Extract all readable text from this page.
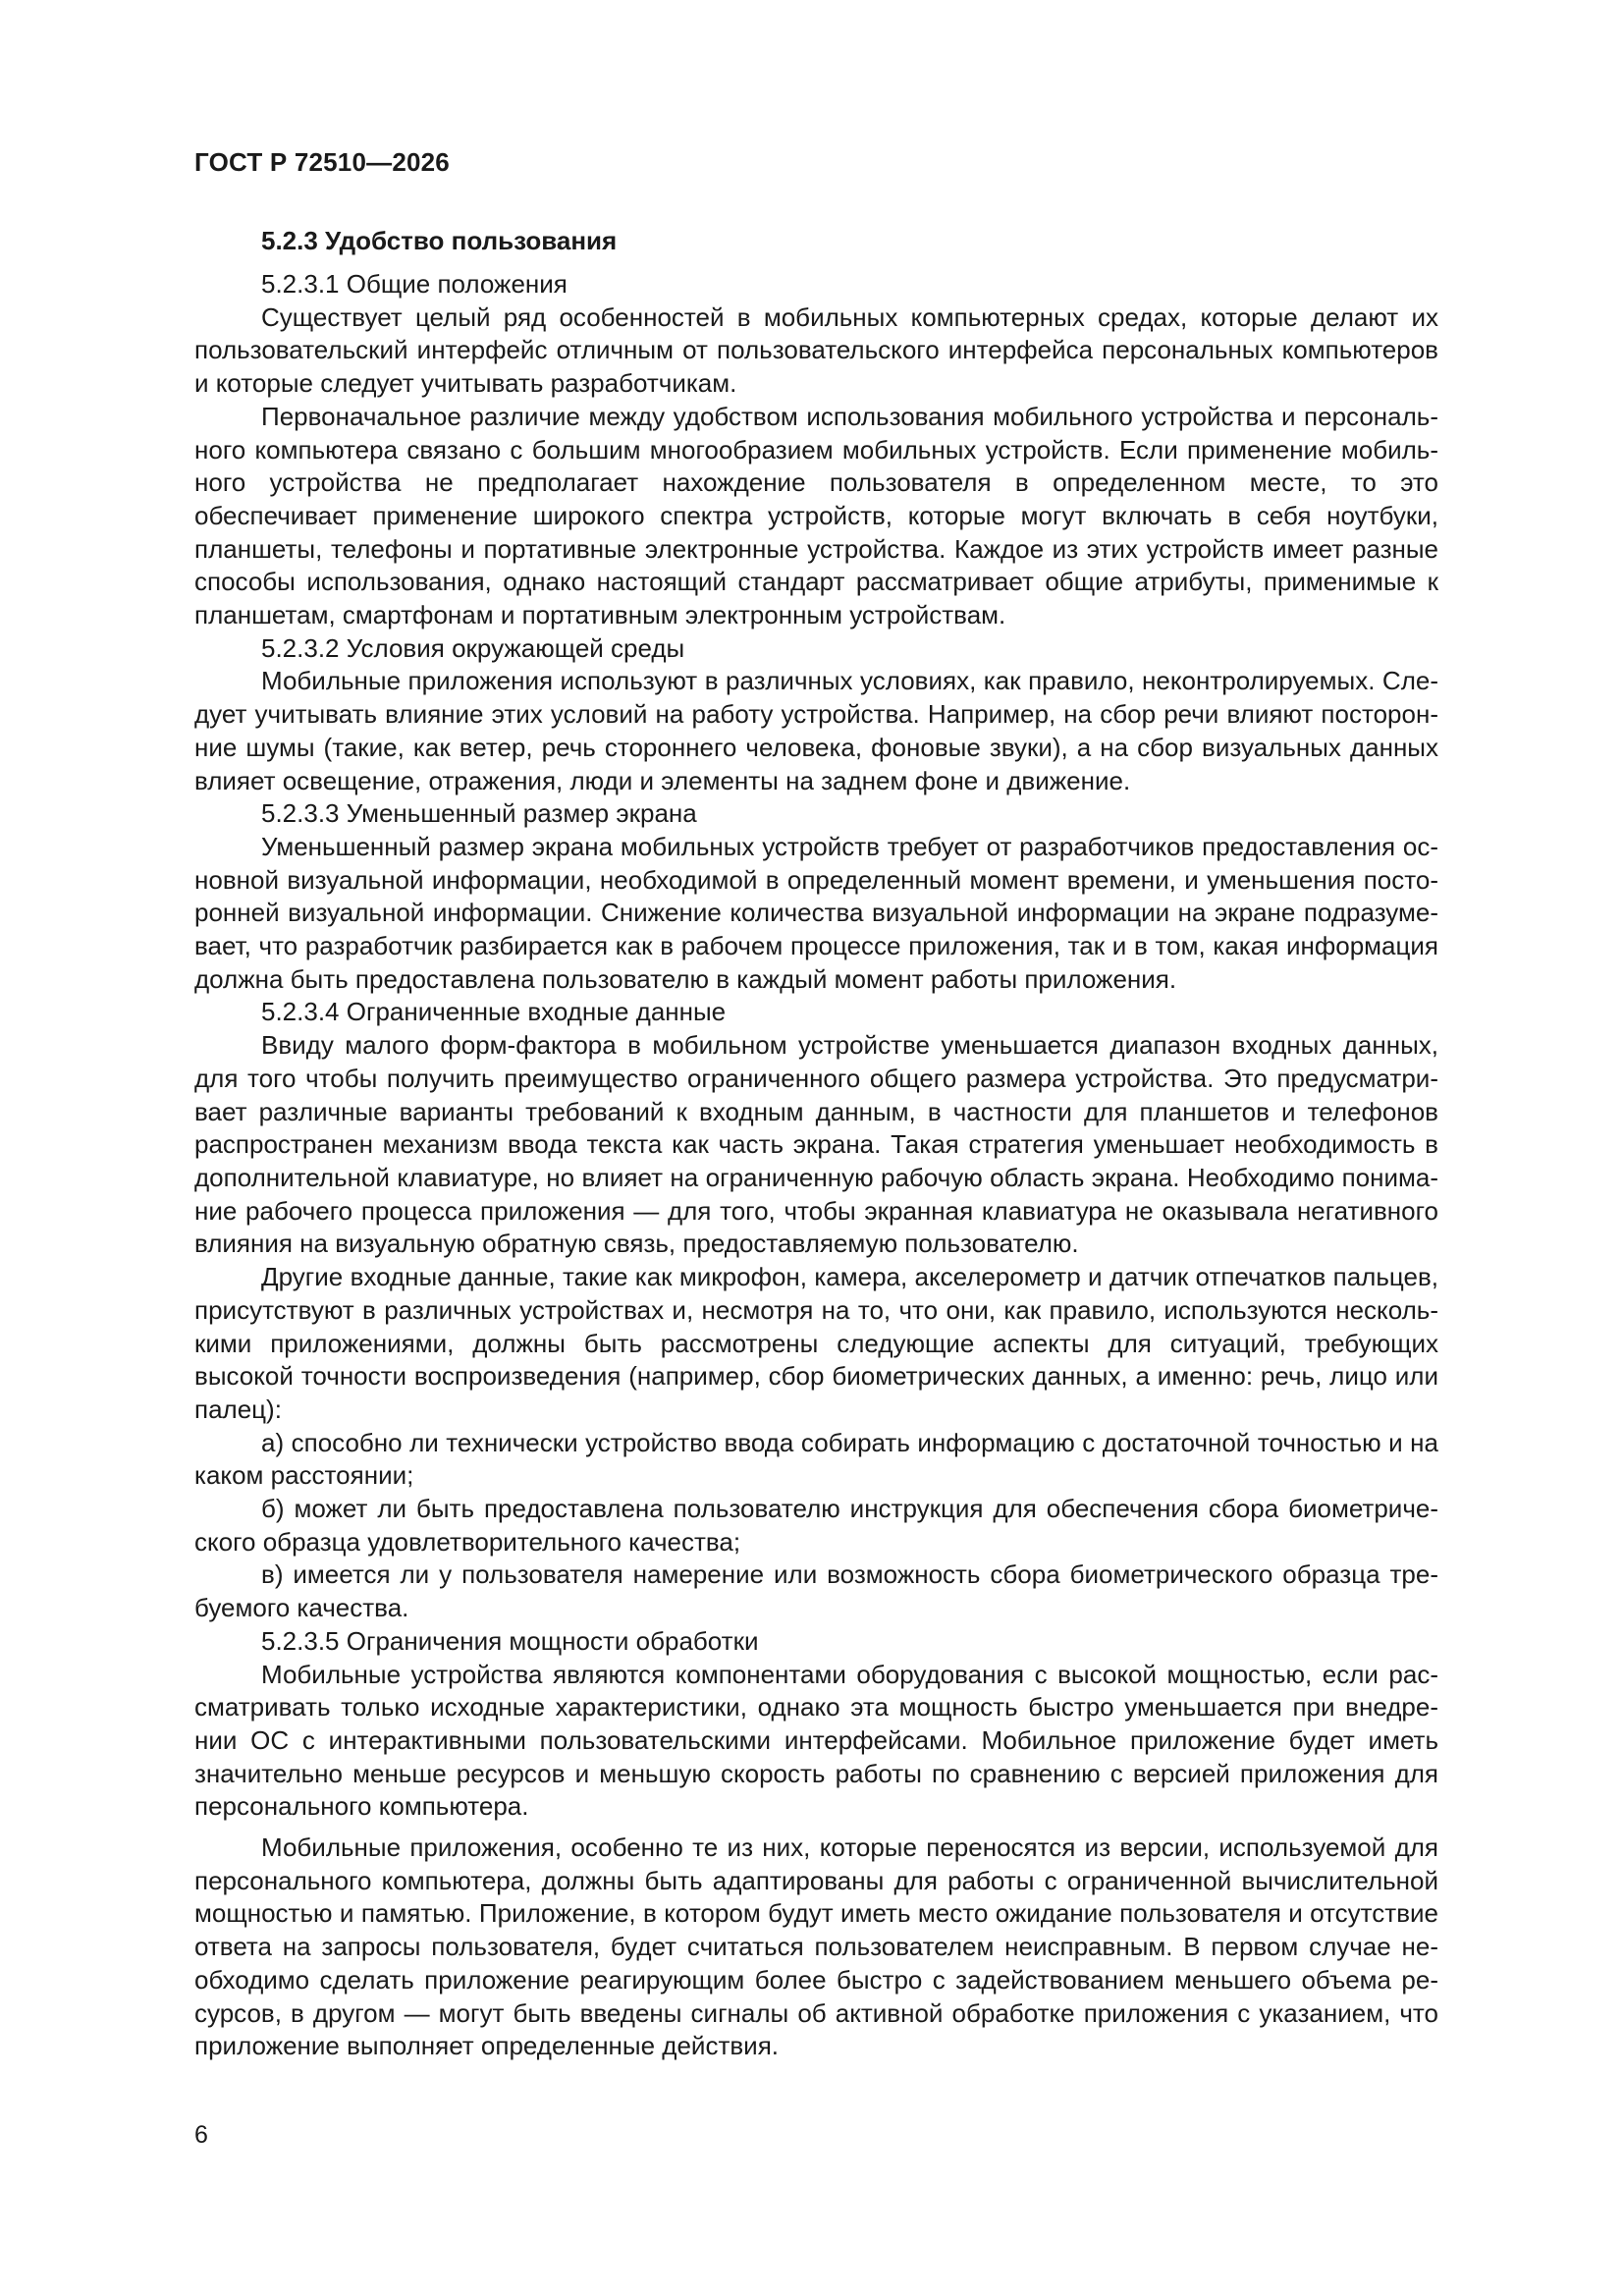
ГОСТ Р 72510—2026
5.2.3 Удобство пользования
5.2.3.1 Общие положения
Существует целый ряд особенностей в мобильных компьютерных средах, которые делают их пользовательский интерфейс отличным от пользовательского интерфейса персональных компьютеров и которые следует учитывать разработчикам.
Первоначальное различие между удобством использования мобильного устройства и персонального компьютера связано с большим многообразием мобильных устройств. Если применение мобильного устройства не предполагает нахождение пользователя в определенном месте, то это обеспечивает применение широкого спектра устройств, которые могут включать в себя ноутбуки, планшеты, телефоны и портативные электронные устройства. Каждое из этих устройств имеет разные способы использования, однако настоящий стандарт рассматривает общие атрибуты, применимые к планшетам, смартфонам и портативным электронным устройствам.
5.2.3.2 Условия окружающей среды
Мобильные приложения используют в различных условиях, как правило, неконтролируемых. Следует учитывать влияние этих условий на работу устройства. Например, на сбор речи влияют посторонние шумы (такие, как ветер, речь стороннего человека, фоновые звуки), а на сбор визуальных данных влияет освещение, отражения, люди и элементы на заднем фоне и движение.
5.2.3.3 Уменьшенный размер экрана
Уменьшенный размер экрана мобильных устройств требует от разработчиков предоставления основной визуальной информации, необходимой в определенный момент времени, и уменьшения посторонней визуальной информации. Снижение количества визуальной информации на экране подразумевает, что разработчик разбирается как в рабочем процессе приложения, так и в том, какая информация должна быть предоставлена пользователю в каждый момент работы приложения.
5.2.3.4 Ограниченные входные данные
Ввиду малого форм-фактора в мобильном устройстве уменьшается диапазон входных данных, для того чтобы получить преимущество ограниченного общего размера устройства. Это предусматривает различные варианты требований к входным данным, в частности для планшетов и телефонов распространен механизм ввода текста как часть экрана. Такая стратегия уменьшает необходимость в дополнительной клавиатуре, но влияет на ограниченную рабочую область экрана. Необходимо понимание рабочего процесса приложения — для того, чтобы экранная клавиатура не оказывала негативного влияния на визуальную обратную связь, предоставляемую пользователю.
Другие входные данные, такие как микрофон, камера, акселерометр и датчик отпечатков пальцев, присутствуют в различных устройствах и, несмотря на то, что они, как правило, используются несколькими приложениями, должны быть рассмотрены следующие аспекты для ситуаций, требующих высокой точности воспроизведения (например, сбор биометрических данных, а именно: речь, лицо или палец):
а) способно ли технически устройство ввода собирать информацию с достаточной точностью и на каком расстоянии;
б) может ли быть предоставлена пользователю инструкция для обеспечения сбора биометрического образца удовлетворительного качества;
в) имеется ли у пользователя намерение или возможность сбора биометрического образца требуемого качества.
5.2.3.5 Ограничения мощности обработки
Мобильные устройства являются компонентами оборудования с высокой мощностью, если рассматривать только исходные характеристики, однако эта мощность быстро уменьшается при внедрении ОС с интерактивными пользовательскими интерфейсами. Мобильное приложение будет иметь значительно меньше ресурсов и меньшую скорость работы по сравнению с версией приложения для персонального компьютера.
Мобильные приложения, особенно те из них, которые переносятся из версии, используемой для персонального компьютера, должны быть адаптированы для работы с ограниченной вычислительной мощностью и памятью. Приложение, в котором будут иметь место ожидание пользователя и отсутствие ответа на запросы пользователя, будет считаться пользователем неисправным. В первом случае необходимо сделать приложение реагирующим более быстро с задействованием меньшего объема ресурсов, в другом — могут быть введены сигналы об активной обработке приложения с указанием, что приложение выполняет определенные действия.
6
